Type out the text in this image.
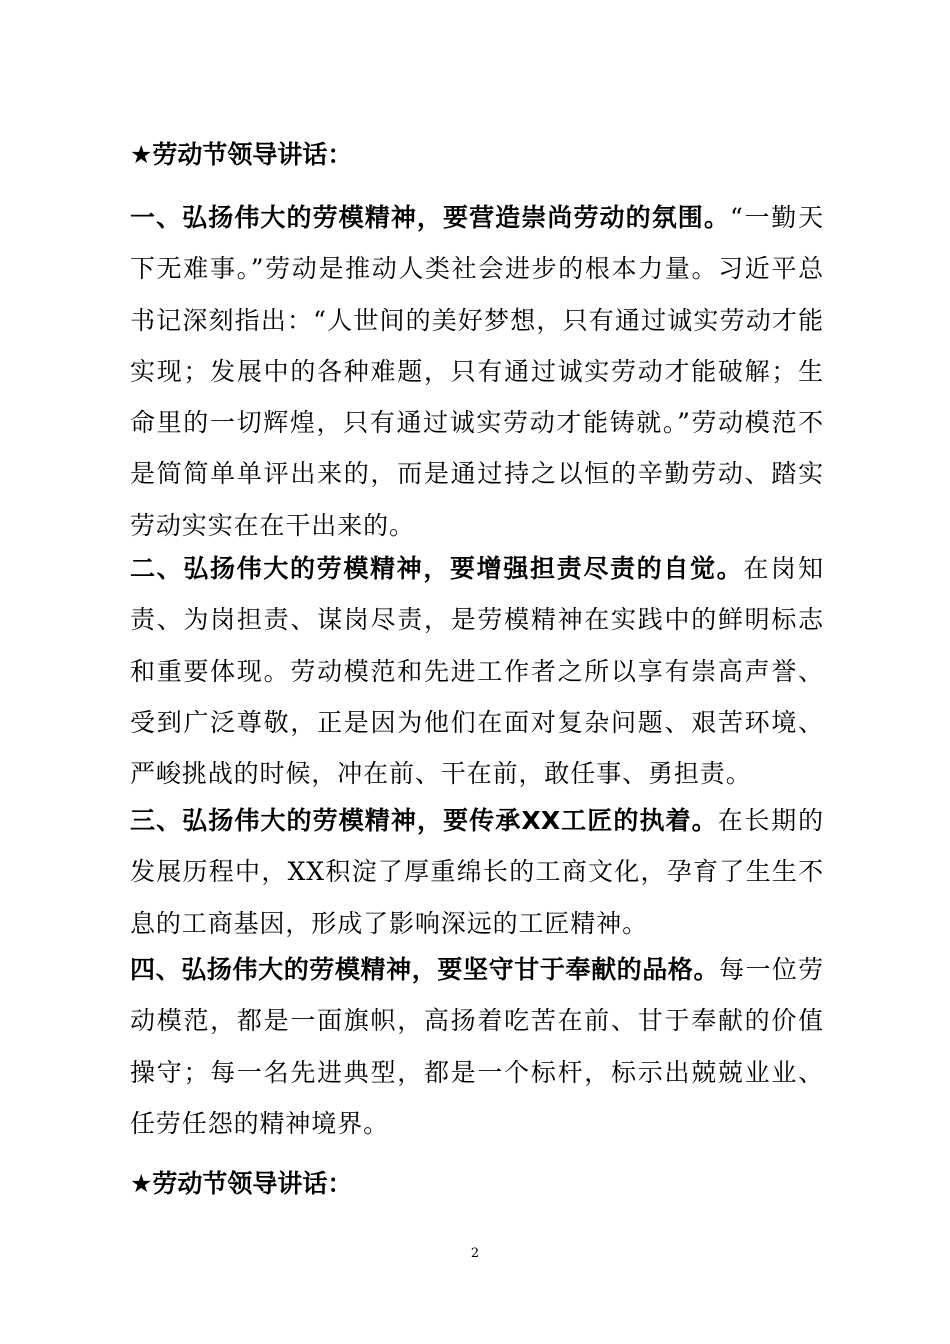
★劳动节领导讲话：
一、弘扬伟大的劳模精神，要营造崇尚劳动的氛围。“一勤天下无难事。”劳动是推动人类社会进步的根本力量。习近平总书记深刻指出：“人世间的美好梦想，只有通过诚实劳动才能实现；发展中的各种难题，只有通过诚实劳动才能破解；生命里的一切辉煌，只有通过诚实劳动才能铸就。”劳动模范不是简简单单评出来的，而是通过持之以恒的辛勤劳动、踏实劳动实实在在干出来的。
二、弘扬伟大的劳模精神，要增强担责尽责的自觉。在岗知责、为岗担责、谋岗尽责，是劳模精神在实践中的鲜明标志和重要体现。劳动模范和先进工作者之所以享有崇高声誉、受到广泛尊敬，正是因为他们在面对复杂问题、艰苦环境、严峻挑战的时候，冲在前、干在前，敢任事、勇担责。
三、弘扬伟大的劳模精神，要传承XX工匠的执着。在长期的发展历程中，XX积淀了厚重绵长的工商文化，孕育了生生不息的工商基因，形成了影响深远的工匠精神。
四、弘扬伟大的劳模精神，要坚守甘于奉献的品格。每一位劳动模范，都是一面旗帜，高扬着吃苦在前、甘于奉献的价值操守；每一名先进典型，都是一个标杆，标示出兢兢业业、任劳任怨的精神境界。
★劳动节领导讲话：
2
